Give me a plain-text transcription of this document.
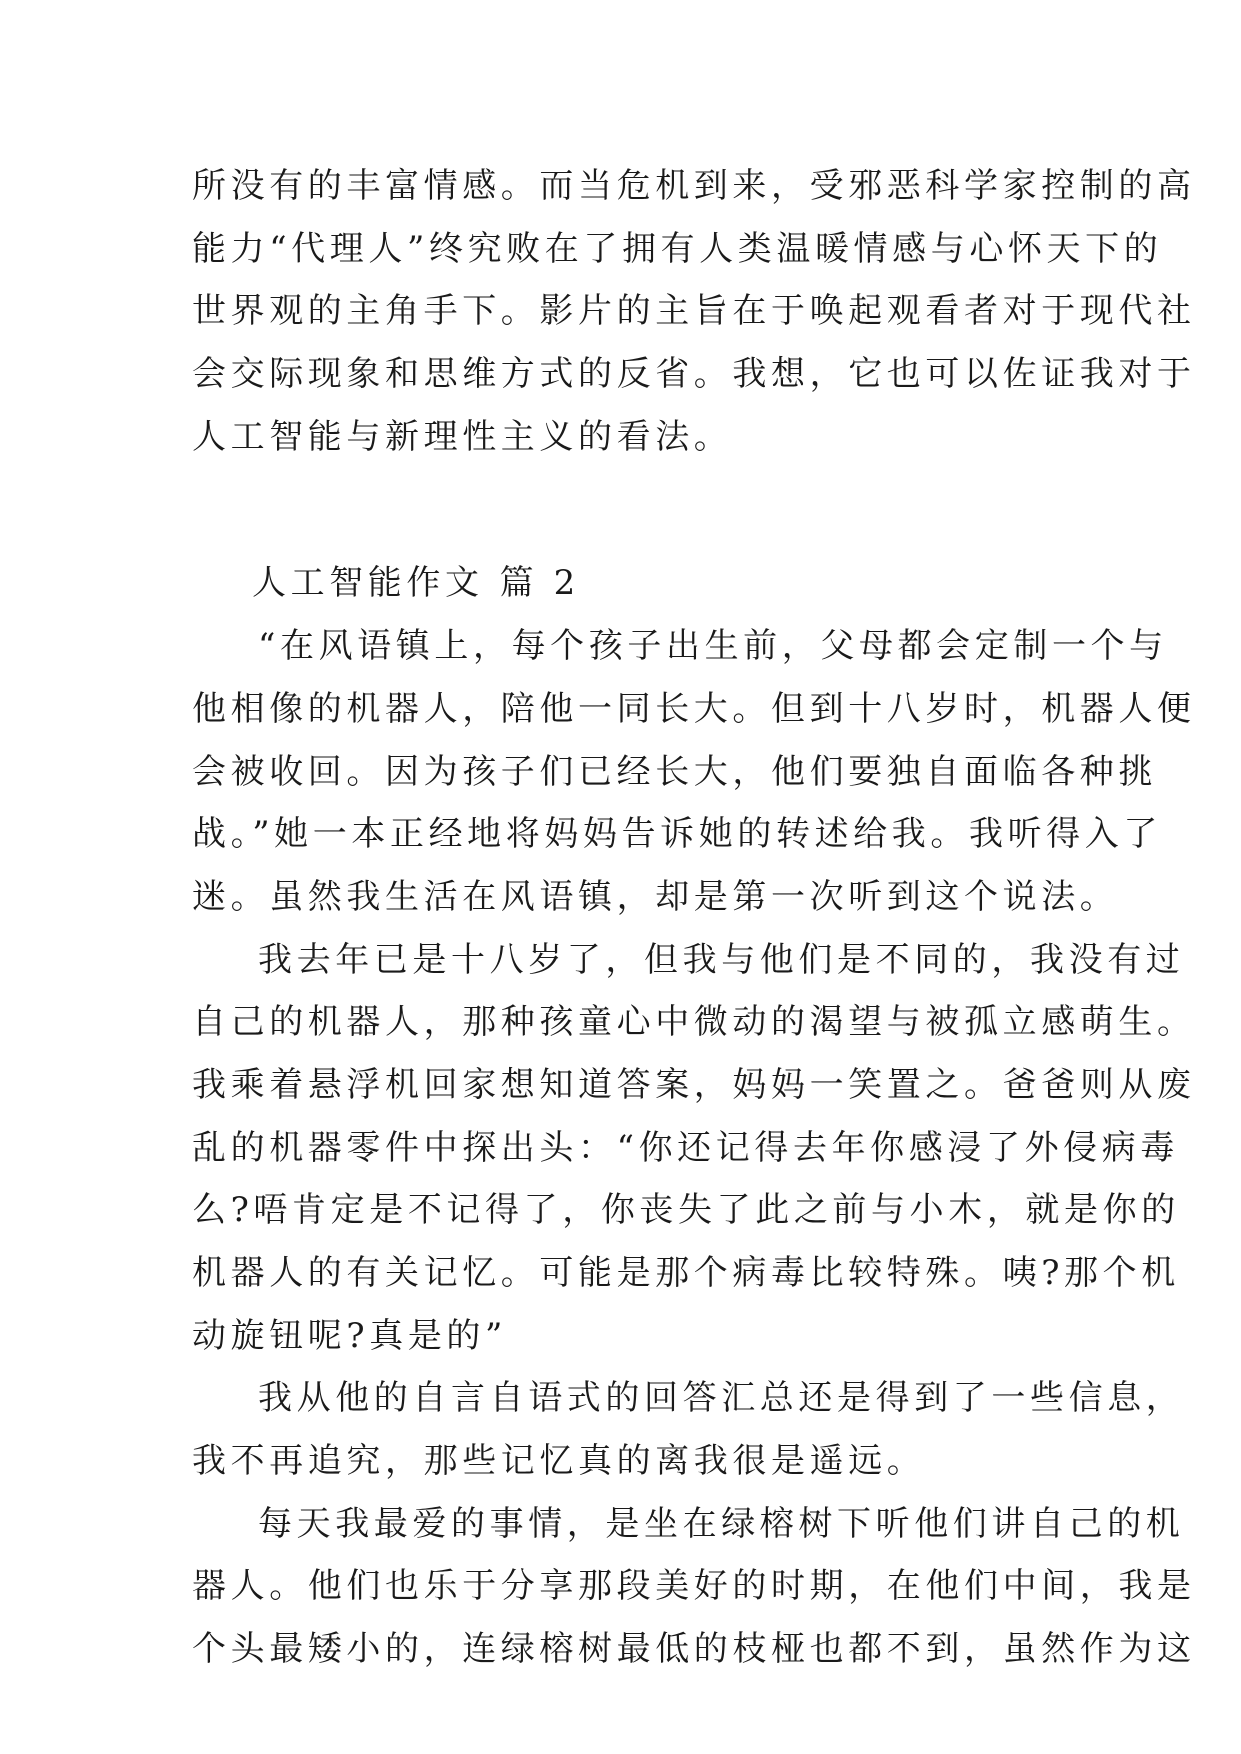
所没有的丰富情感。而当危机到来，受邪恶科学家控制的高
能力“代理人”终究败在了拥有人类温暖情感与心怀天下的
世界观的主角手下。影片的主旨在于唤起观看者对于现代社
会交际现象和思维方式的反省。我想，它也可以佐证我对于
人工智能与新理性主义的看法。
人工智能作文 篇 2
“在风语镇上，每个孩子出生前，父母都会定制一个与
他相像的机器人，陪他一同长大。但到十八岁时，机器人便
会被收回。因为孩子们已经长大，他们要独自面临各种挑
战。”她一本正经地将妈妈告诉她的转述给我。我听得入了
迷。虽然我生活在风语镇，却是第一次听到这个说法。
我去年已是十八岁了，但我与他们是不同的，我没有过
自己的机器人，那种孩童心中微动的渴望与被孤立感萌生。
我乘着悬浮机回家想知道答案，妈妈一笑置之。爸爸则从废
乱的机器零件中探出头：“你还记得去年你感浸了外侵病毒
么?唔肯定是不记得了，你丧失了此之前与小木，就是你的
机器人的有关记忆。可能是那个病毒比较特殊。咦?那个机
动旋钮呢?真是的”
我从他的自言自语式的回答汇总还是得到了一些信息，
我不再追究，那些记忆真的离我很是遥远。
每天我最爱的事情，是坐在绿榕树下听他们讲自己的机
器人。他们也乐于分享那段美好的时期，在他们中间，我是
个头最矮小的，连绿榕树最低的枝桠也都不到，虽然作为这
